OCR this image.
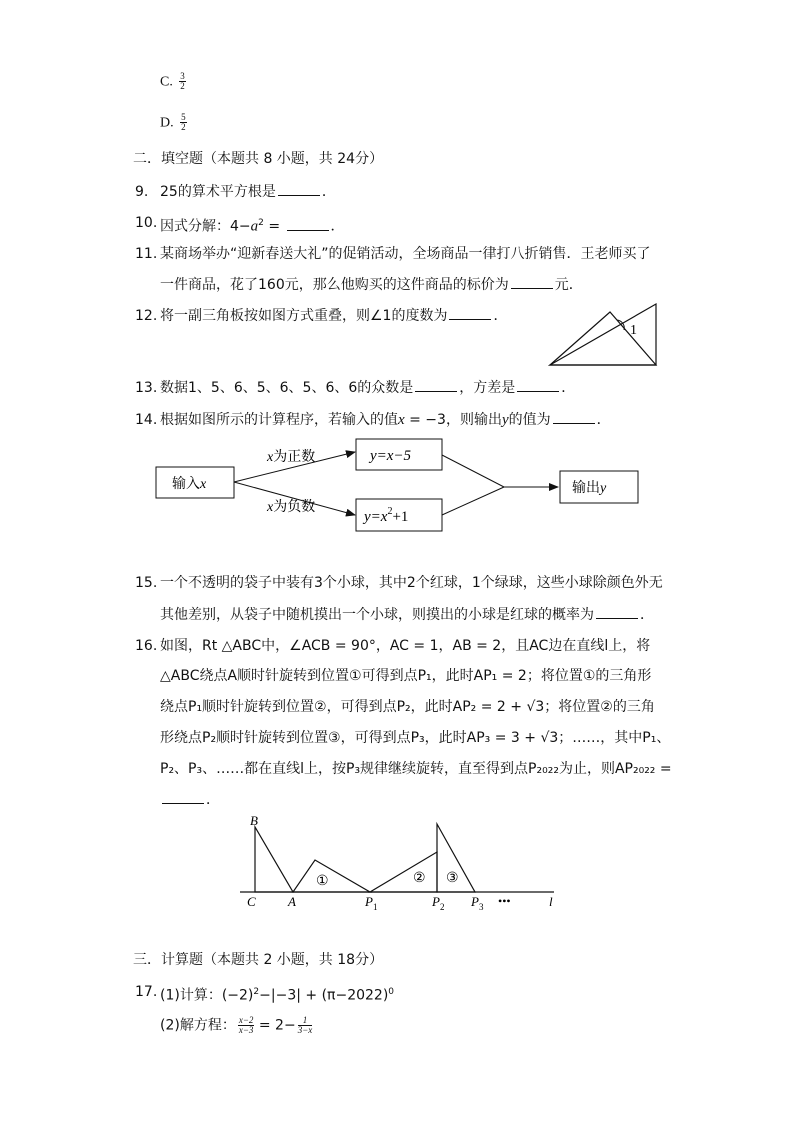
C. $\frac{3}{2}$
D. $\frac{5}{2}$
二．填空题（本题共 8 小题，共 24分）
9. 25的算术平方根是	．
10. 因式分解：$4-a^2$ =	．
11. 某商场举办“迎新春送大礼”的促销活动，全场商品一律打八折销售．王老师买了
一件商品，花了160元，那么他购买的这件商品的标价为	元．
12. 将一副三角板按如图方式重叠，则∠1的度数为	．
1
13. 数据1、5、6、5、6、5、6、6的众数是	，方差是	．
14. 根据如图所示的计算程序，若输入的值x = −3，则输出y的值为	．
输入x
x为正数
x为负数
y=x−5
$y=x^2+1$
输出y
15. 一个不透明的袋子中装有3个小球，其中2个红球，1个绿球，这些小球除颜色外无
其他差别，从袋子中随机摸出一个小球，则摸出的小球是红球的概率为	．
16. 如图，Rt △ABC中，∠ACB = 90°，AC = 1，AB = 2，且AC边在直线l上，将
△ABC绕点A顺时针旋转到位置①可得到点P₁，此时AP₁ = 2；将位置①的三角形
绕点P₁顺时针旋转到位置②，可得到点P₂，此时AP₂ = 2 + √3；将位置②的三角
形绕点P₂顺时针旋转到位置③，可得到点P₃，此时AP₃ = 3 + √3；……，其中P₁、
P₂、P₃、……都在直线l上，按P₃规律继续旋转，直至得到点P₂₀₂₂为止，则AP₂₀₂₂ =
．
B
C A	$P_1$	$P_2$ $P_3$ •••	l
①	② ③
三．计算题（本题共 2 小题，共 18分）
17. (1)计算：$(-2)^2-|-3| + (\pi-2022)^0$
(2)解方程： $\frac{x-2}{x-3} = 2- \frac{1}{3-x}$
